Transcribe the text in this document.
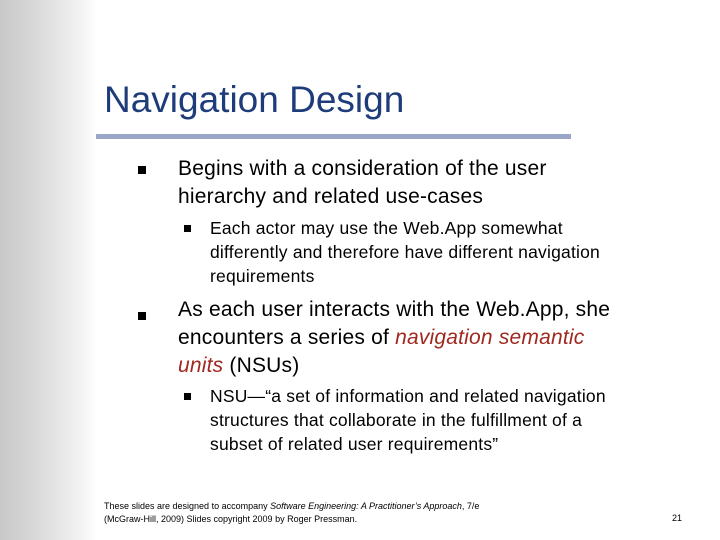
Navigation Design
Begins with a consideration of the user
hierarchy and related use-cases
Each actor may use the Web.App somewhat
differently and therefore have different navigation
requirements
As each user interacts with the Web.App, she
encounters a series of navigation semantic
units (NSUs)
NSU—“a set of information and related navigation
structures that collaborate in the fulfillment of a
subset of related user requirements”
These slides are designed to accompany Software Engineering: A Practitioner’s Approach, 7/e
(McGraw-Hill, 2009) Slides copyright 2009 by Roger Pressman.	21
